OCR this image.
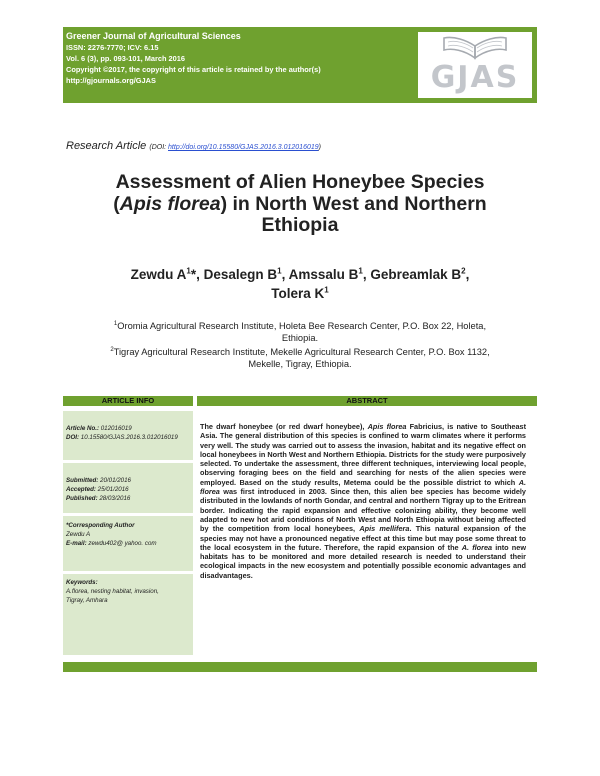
Greener Journal of Agricultural Sciences
ISSN: 2276-7770; ICV: 6.15
Vol. 6 (3), pp. 093-101, March 2016
Copyright ©2017, the copyright of this article is retained by the author(s)
http://gjournals.org/GJAS	GJAS
Research Article (DOI: http://doi.org/10.15580/GJAS.2016.3.012016019)
Assessment of Alien Honeybee Species
(Apis florea) in North West and Northern
Ethiopia
Zewdu $A^1*$, Desalegn $B^1$, Amssalu $B^1$, Gebreamlak $B^2$,
Tolera $K^1$
$^1$Oromia Agricultural Research Institute, Holeta Bee Research Center, P.O. Box 22, Holeta,
Ethiopia.
$^2$Tigray Agricultural Research Institute, Mekelle Agricultural Research Center, P.O. Box 1132,
Mekelle, Tigray, Ethiopia.
ARTICLE INFO	ABSTRACT
Article No.: 012016019
DOI: 10.15580/GJAS.2016.3.012016019
Submitted: 20/01/2016
Accepted: 25/01/2016
Published: 28/03/2016
*Corresponding Author
Zewdu A
E-mail: zewdu402@ yahoo. com
Keywords:
A.florea, nesting habitat, invasion,
Tigray, Amhara
The dwarf honeybee (or red dwarf honeybee), Apis florea Fabricius, is native to Southeast Asia. The general distribution of this species is confined to warm climates where it performs very well. The study was carried out to assess the invasion, habitat and its negative effect on local honeybees in North West and Northern Ethiopia. Districts for the study were purposively selected. To undertake the assessment, three different techniques, interviewing local people, observing foraging bees on the field and searching for nests of the alien species were employed. Based on the study results, Metema could be the possible district to which A. florea was first introduced in 2003. Since then, this alien bee species has become widely distributed in the lowlands of north Gondar, and central and northern Tigray up to the Eritrean border. Indicating the rapid expansion and effective colonizing ability, they become well adapted to new hot arid conditions of North West and North Ethiopia without being affected by the competition from local honeybees, Apis mellifera. This natural expansion of the species may not have a pronounced negative effect at this time but may pose some threat to the local ecosystem in the future. Therefore, the rapid expansion of the A. florea into new habitats has to be monitored and more detailed research is needed to understand their ecological impacts in the new ecosystem and potentially possible economic advantages and disadvantages.
